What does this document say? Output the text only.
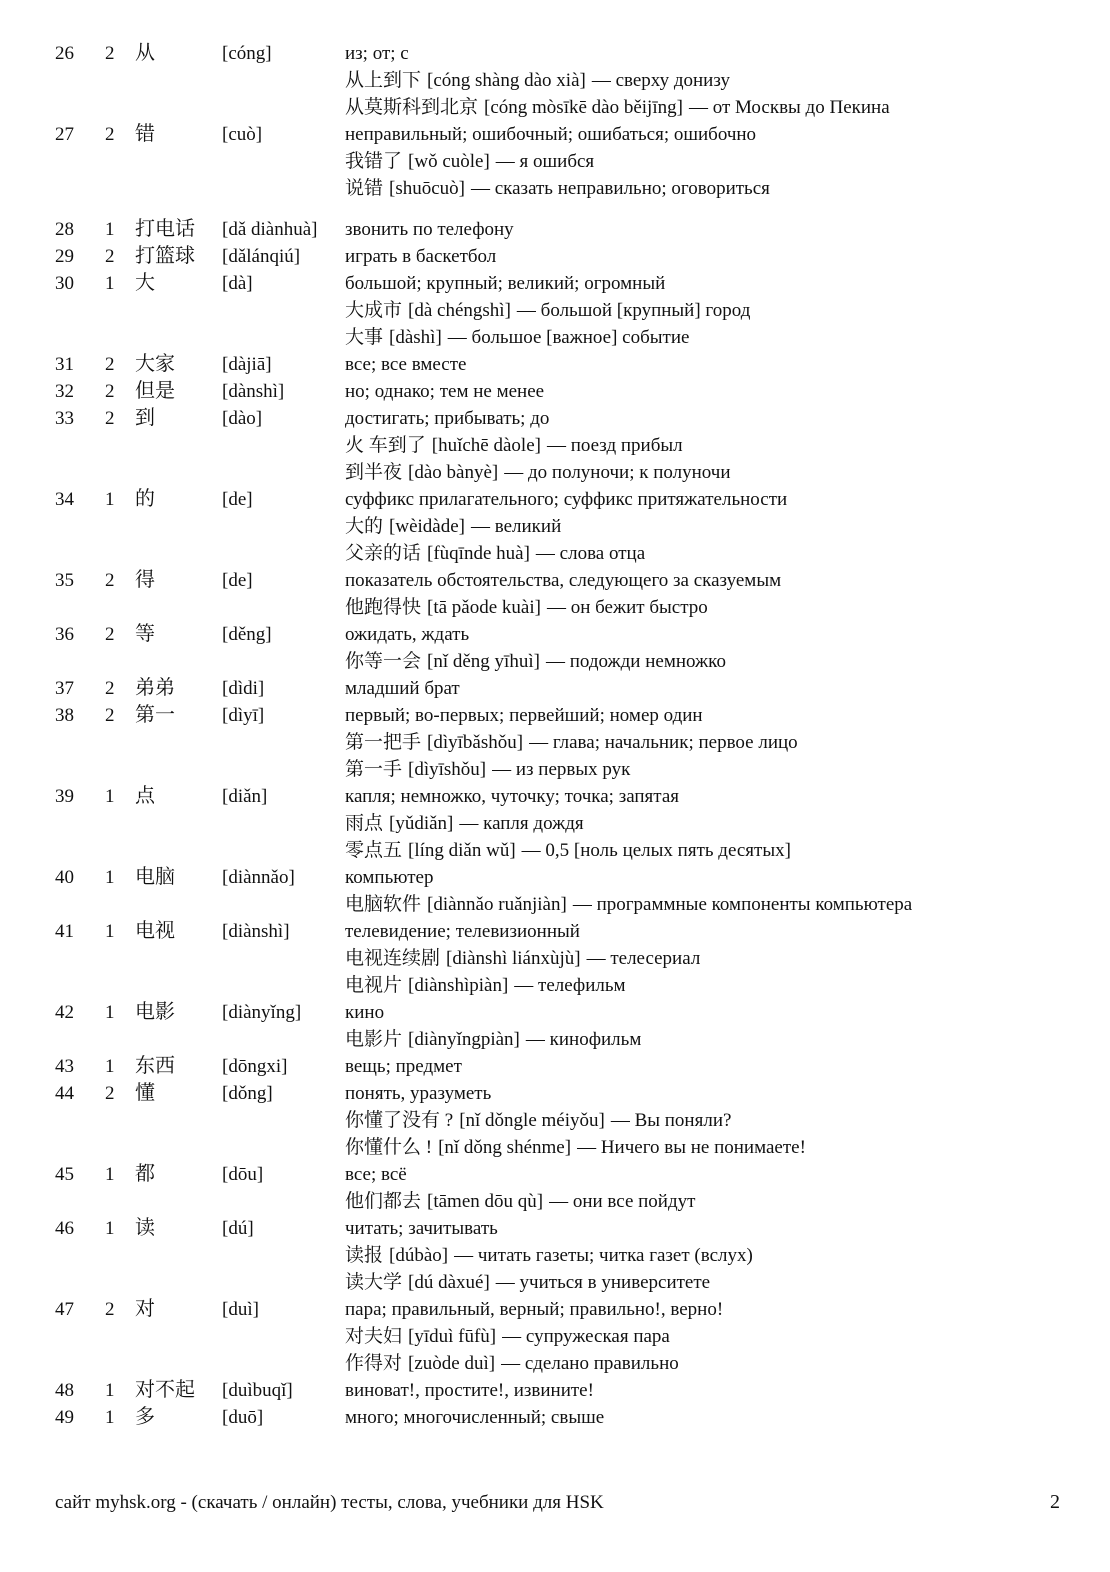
26	2	从	[cóng]	из; от; с
从上到下 [cóng shàng dào xià] — сверху донизу
从莫斯科到北京 [cóng mòsīkē dào běijīng] — от Москвы до Пекина
27	2	错	[cuò]	неправильный; ошибочный; ошибаться; ошибочно
我错了 [wǒ cuòle] — я ошибся
说错 [shuōcuò] — сказать неправильно; оговориться
28	1	打电话	[dǎ diànhuà]	звонить по телефону
29	2	打篮球	[dǎlánqiú]	играть в баскетбол
30	1	大	[dà]	большой; крупный; великий; огромный
大成市 [dà chéngshì] — большой [крупный] город
大事 [dàshì] — большое [важное] событие
31	2	大家	[dàjiā]	все; все вместе
32	2	但是	[dànshì]	но; однако; тем не менее
33	2	到	[dào]	достигать; прибывать; до
火 车到了 [huǐchē dàole] — поезд прибыл
到半夜 [dào bànyè] — до полуночи; к полуночи
34	1	的	[de]	суффикс прилагательного; суффикс притяжательности
大的 [wèidàde] — великий
父亲的话 [fùqīnde huà] — слова отца
35	2	得	[de]	показатель обстоятельства, следующего за сказуемым
他跑得快 [tā pǎode kuài] — он бежит быстро
36	2	等	[děng]	ожидать, ждать
你等一会 [nǐ děng yīhuì] — подожди немножко
37	2	弟弟	[dìdi]	младший брат
38	2	第一	[dìyī]	первый; во-первых; первейший; номер один
第一把手 [dìyībǎshǒu] — глава; начальник; первое лицо
第一手 [dìyīshǒu] — из первых рук
39	1	点	[diǎn]	капля; немножко, чуточку; точка; запятая
雨点 [yǔdiǎn] — капля дождя
零点五 [líng diǎn wǔ] — 0,5 [ноль целых пять десятых]
40	1	电脑	[diànnǎo]	компьютер
电脑软件 [diànnǎo ruǎnjiàn] — программные компоненты компьютера
41	1	电视	[diànshì]	телевидение; телевизионный
电视连续剧 [diànshì liánxùjù] — телесериал
电视片 [diànshìpiàn] — телефильм
42	1	电影	[diànyǐng]	кино
电影片 [diànyǐngpiàn] — кинофильм
43	1	东西	[dōngxi]	вещь; предмет
44	2	懂	[dǒng]	понять, уразуметь
你懂了没有 ? [nǐ dǒngle méiyǒu] — Вы поняли?
你懂什么 ! [nǐ dǒng shénme] — Ничего вы не понимаете!
45	1	都	[dōu]	все; всё
他们都去 [tāmen dōu qù] — они все пойдут
46	1	读	[dú]	читать; зачитывать
读报 [dúbào] — читать газеты; читка газет (вслух)
读大学 [dú dàxué] — учиться в университете
47	2	对	[duì]	пара; правильный, верный; правильно!, верно!
对夫妇 [yīduì fūfù] — супружеская пара
作得对 [zuòde duì] — сделано правильно
48	1	对不起	[duìbuqǐ]	виноват!, простите!, извините!
49	1	多	[duō]	много; многочисленный; свыше
сайт myhsk.org - (скачать / онлайн) тесты, слова, учебники для HSK	2
